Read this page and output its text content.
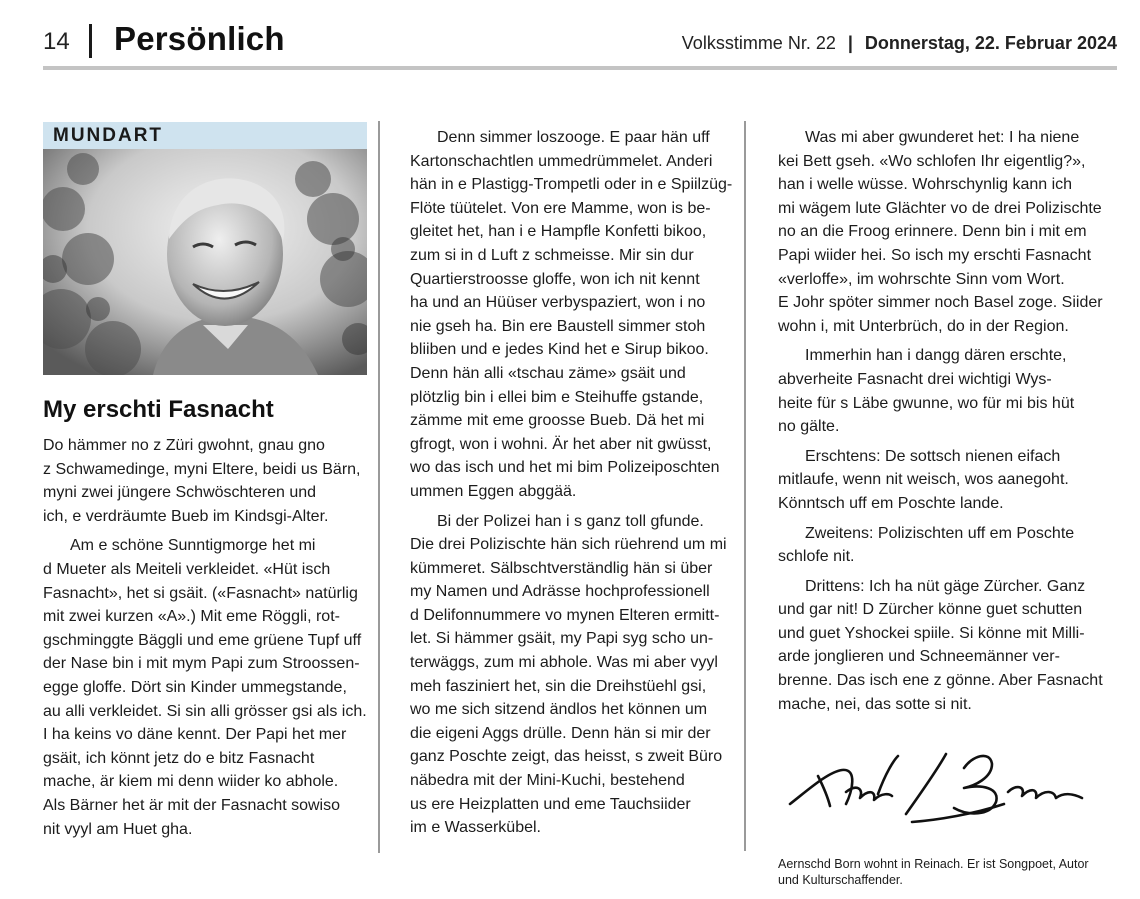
14 Persönlich	Volksstimme Nr. 22 | Donnerstag, 22. Februar 2024
MUNDART
My erschti Fasnacht

Do hämmer no z Züri gwohnt, gnau gno
z Schwamedinge, myni Eltere, beidi us Bärn,
myni zwei jüngere Schwöschteren und
ich, e verdräumte Bueb im Kindsgi-Alter.

Am e schöne Sunntigmorge het mi
d Mueter als Meiteli verkleidet. «Hüt isch
Fasnacht», het si gsäit. («Fasnacht» natürlig
mit zwei kurzen «A».) Mit eme Röggli, rot-
gschminggte Bäggli und eme grüene Tupf uff
der Nase bin i mit mym Papi zum Stroossen-
egge gloffe. Dört sin Kinder ummegstande,
au alli verkleidet. Si sin alli grösser gsi als ich.
I ha keins vo däne kennt. Der Papi het mer
gsäit, ich könnt jetz do e bitz Fasnacht
mache, är kiem mi denn wiider ko abhole.
Als Bärner het är mit der Fasnacht sowiso
nit vyyl am Huet gha.

Denn simmer loszooge. E paar hän uff
Kartonschachtlen ummedrümmelet. Anderi
hän in e Plastigg-Trompetli oder in e Spiilzüg-
Flöte tüütelet. Von ere Mamme, won is be-
gleitet het, han i e Hampfle Konfetti bikoo,
zum si in d Luft z schmeisse. Mir sin dur
Quartierstroosse gloffe, won ich nit kennt
ha und an Hüüser verbyspaziert, won i no
nie gseh ha. Bin ere Baustell simmer stoh
bliiben und e jedes Kind het e Sirup bikoo.
Denn hän alli «tschau zäme» gsäit und
plötzlig bin i ellei bim e Steihuffe gstande,
zämme mit eme groosse Bueb. Dä het mi
gfrogt, won i wohni. Är het aber nit gwüsst,
wo das isch und het mi bim Polizeiposchten
ummen Eggen abggää.

Bi der Polizei han i s ganz toll gfunde.
Die drei Polizischte hän sich rüehrend um mi
kümmeret. Sälbschtverständlig hän si über
my Namen und Adrässe hochprofessionell
d Delifonnummere vo mynen Elteren ermitt-
let. Si hämmer gsäit, my Papi syg scho un-
terwäggs, zum mi abhole. Was mi aber vyyl
meh fasziniert het, sin die Dreihstüehl gsi,
wo me sich sitzend ändlos het können um
die eigeni Aggs drülle. Denn hän si mir der
ganz Poschte zeigt, das heisst, s zweit Büro
näbedra mit der Mini-Kuchi, bestehend
us ere Heizplatten und eme Tauchsiider
im e Wasserkübel.

Was mi aber gwunderet het: I ha niene
kei Bett gseh. «Wo schlofen Ihr eigentlig?»,
han i welle wüsse. Wohrschynlig kann ich
mi wägem lute Glächter vo de drei Polizischte
no an die Froog erinnere. Denn bin i mit em
Papi wiider hei. So isch my erschti Fasnacht
«verloffe», im wohrschte Sinn vom Wort.
E Johr spöter simmer noch Basel zoge. Siider
wohn i, mit Unterbrüch, do in der Region.

Immerhin han i dangg dären erschte,
abverheite Fasnacht drei wichtigi Wys-
heite für s Läbe gwunne, wo für mi bis hüt
no gälte.

Erschtens: De sottsch nienen eifach
mitlaufe, wenn nit weisch, wos aanegoht.
Könntsch uff em Poschte lande.

Zweitens: Polizischten uff em Poschte
schlofe nit.

Drittens: Ich ha nüt gäge Zürcher. Ganz
und gar nit! D Zürcher könne guet schutten
und guet Yshockei spiile. Si könne mit Milli-
arde jonglieren und Schneemänner ver-
brenne. Das isch ene z gönne. Aber Fasnacht
mache, nei, das sotte si nit.

Aernschd Born wohnt in Reinach. Er ist Songpoet, Autor
und Kulturschaffender.
